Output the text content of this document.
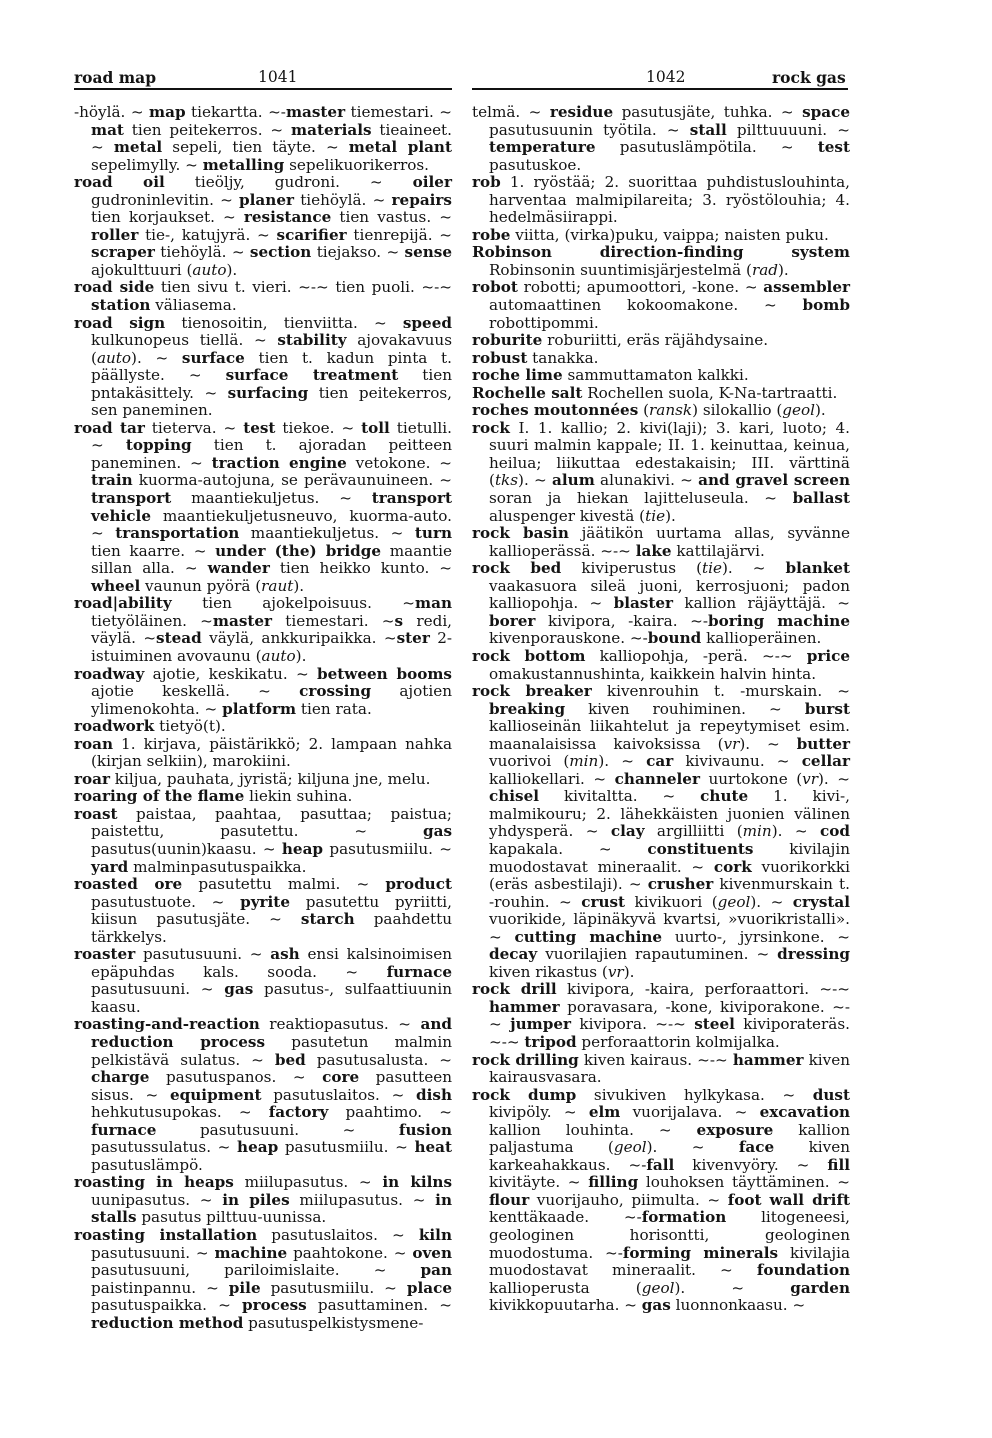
road map	1041	1042	rock gas
-höylä. ~ map tiekartta. ~-master tiemestari. ~ mat tien peitekerros. ~ materials tieaineet. ~ metal sepeli, tien täyte. ~ metal plant sepelimylly. ~ metalling sepelikuorikerros.
road oil tieöljy, gudroni. ~ oiler gudroninlevitin. ~ planer tiehöylä. ~ repairs tien korjaukset. ~ resistance tien vastus. ~ roller tie-, katujyrä. ~ scarifier tienrepijä. ~ scraper tiehöylä. ~ section tiejakso. ~ sense ajokulttuuri (auto).
road side tien sivu t. vieri. ~-~ tien puoli. ~-~ station väliasema.
road sign tienosoitin, tienviitta. ~ speed kulkunopeus tiellä. ~ stability ajovakavuus (auto). ~ surface tien t. kadun pinta t. päällyste. ~ surface treatment tien pntakäsittely. ~ surfacing tien peitekerros, sen paneminen.
road tar tieterva. ~ test tiekoe. ~ toll tietulli. ~ topping tien t. ajoradan peitteen paneminen. ~ traction engine vetokone. ~ train kuorma-autojuna, se perävaunuineen. ~ transport maantiekuljetus. ~ transport vehicle maantiekuljetusneuvo, kuorma-auto. ~ transportation maantiekuljetus. ~ turn tien kaarre. ~ under (the) bridge maantie sillan alla. ~ wander tien heikko kunto. ~ wheel vaunun pyörä (raut).
road|ability tien ajokelpoisuus. ~man tietyöläinen. ~master tiemestari. ~s redi, väylä. ~stead väylä, ankkuripaikka. ~ster 2-istuiminen avovaunu (auto).
roadway ajotie, keskikatu. ~ between booms ajotie keskellä. ~ crossing ajotien ylimenokohta. ~ platform tien rata.
roadwork tietyö(t).
roan 1. kirjava, päistärikkö; 2. lampaan nahka (kirjan selkiin), marokiini.
roar kiljua, pauhata, jyristä; kiljuna jne, melu.
roaring of the flame liekin suhina.
roast paistaa, paahtaa, pasuttaa; paistua; paistettu, pasutettu. ~ gas pasutus(uunin)kaasu. ~ heap pasutusmiilu. ~ yard malminpasutuspaikka.
roasted ore pasutettu malmi. ~ product pasutustuote. ~ pyrite pasutettu pyriitti, kiisun pasutusjäte. ~ starch paahdettu tärkkelys.
roaster pasutusuuni. ~ ash ensi kalsinoimisen epäpuhdas kals. sooda. ~ furnace pasutusuuni. ~ gas pasutus-, sulfaattiuunin kaasu.
roasting-and-reaction reaktiopasutus. ~ and reduction process pasutetun malmin pelkistävä sulatus. ~ bed pasutusalusta. ~ charge pasutuspanos. ~ core pasutteen sisus. ~ equipment pasutuslaitos. ~ dish hehkutusupokas. ~ factory paahtimo. ~ furnace pasutusuuni. ~ fusion pasutussulatus. ~ heap pasutusmiilu. ~ heat pasutuslämpö.
roasting in heaps miilupasutus. ~ in kilns uunipasutus. ~ in piles miilupasutus. ~ in stalls pasutus pilttuu-uunissa.
roasting installation pasutuslaitos. ~ kiln pasutusuuni. ~ machine paahtokone. ~ oven pasutusuuni, pariloimislaite. ~ pan paistinpannu. ~ pile pasutusmiilu. ~ place pasutuspaikka. ~ process pasuttaminen. ~ reduction method pasutuspelkistysmene-
telmä. ~ residue pasutusjäte, tuhka. ~ space pasutusuunin työtila. ~ stall pilttuuuuni. ~ temperature pasutuslämpötila. ~ test pasutuskoe.
rob 1. ryöstää; 2. suorittaa puhdistuslouhinta, harventaa malmipilareita; 3. ryöstölouhia; 4. hedelmäsiirappi.
robe viitta, (virka)puku, vaippa; naisten puku.
Robinson direction-finding system Robinsonin suuntimisjärjestelmä (rad).
robot robotti; apumoottori, -kone. ~ assembler automaattinen kokoomakone. ~ bomb robottipommi.
roburite roburiitti, eräs räjähdysaine.
robust tanakka.
roche lime sammuttamaton kalkki.
Rochelle salt Rochellen suola, K-Na-tartraatti.
roches moutonnées (ransk) silokallio (geol).
rock I. 1. kallio; 2. kivi(laji); 3. kari, luoto; 4. suuri malmin kappale; II. 1. keinuttaa, keinua, heilua; liikuttaa edestakaisin; III. värttinä (tks). ~ alum alunakivi. ~ and gravel screen soran ja hiekan lajitteluseula. ~ ballast aluspenger kivestä (tie).
rock basin jäätikön uurtama allas, syvänne kallioperässä. ~-~ lake kattilajärvi.
rock bed kiviperustus (tie). ~ blanket vaakasuora sileä juoni, kerrosjuoni; padon kalliopohja. ~ blaster kallion räjäyttäjä. ~ borer kivipora, -kaira. ~-boring machine kivenporauskone. ~-bound kallioperäinen.
rock bottom kalliopohja, -perä. ~-~ price omakustannushinta, kaikkein halvin hinta.
rock breaker kivenrouhin t. -murskain. ~ breaking kiven rouhiminen. ~ burst kallioseinän liikahtelut ja repeytymiset esim. maanalaisissa kaivoksissa (vr). ~ butter vuorivoi (min). ~ car kivivaunu. ~ cellar kalliokellari. ~ channeler uurtokone (vr). ~ chisel kivitaltta. ~ chute 1. kivi-, malmikouru; 2. lähekkäisten juonien välinen yhdysperä. ~ clay argilliitti (min). ~ cod kapakala. ~ constituents kivilajin muodostavat mineraalit. ~ cork vuorikorkki (eräs asbestilaji). ~ crusher kivenmurskain t. -rouhin. ~ crust kivikuori (geol). ~ crystal vuorikide, läpinäkyvä kvartsi, »vuorikristalli». ~ cutting machine uurto-, jyrsinkone. ~ decay vuorilajien rapautuminen. ~ dressing kiven rikastus (vr).
rock drill kivipora, -kaira, perforaattori. ~-~ hammer poravasara, -kone, kiviporakone. ~-~ jumper kivipora. ~-~ steel kiviporateräs. ~-~ tripod perforaattorin kolmijalka.
rock drilling kiven kairaus. ~-~ hammer kiven kairausvasara.
rock dump sivukiven hylkykasa. ~ dust kivipöly. ~ elm vuorijalava. ~ excavation kallion louhinta. ~ exposure kallion paljastuma (geol). ~ face kiven karkeahakkaus. ~-fall kivenvyöry. ~ fill kivitäyte. ~ filling louhoksen täyttäminen. ~ flour vuorijauho, piimulta. ~ foot wall drift kenttäkaade. ~-formation litogeneesi, geologinen horisontti, geologinen muodostuma. ~-forming minerals kivilajia muodostavat mineraalit. ~ foundation kallioperusta (geol). ~ garden kivikkopuutarha. ~ gas luonnonkaasu. ~
